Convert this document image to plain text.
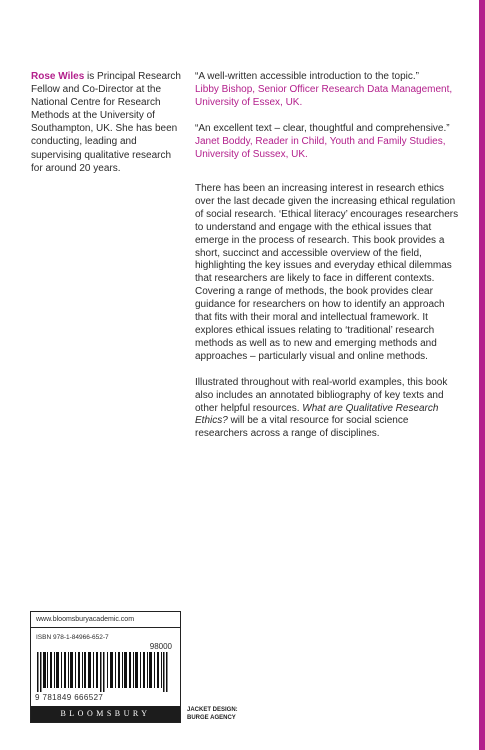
Rose Wiles is Principal Research Fellow and Co-Director at the National Centre for Research Methods at the University of Southampton, UK. She has been conducting, leading and supervising qualitative research for around 20 years.

“A well-written accessible introduction to the topic.”
Libby Bishop, Senior Officer Research Data Management, University of Essex, UK.

“An excellent text – clear, thoughtful and comprehensive.” Janet Boddy, Reader in Child, Youth and Family Studies, University of Sussex, UK.

There has been an increasing interest in research ethics over the last decade given the increasing ethical regulation of social research. ‘Ethical literacy’ encourages researchers to understand and engage with the ethical issues that emerge in the process of research. This book provides a short, succinct and accessible overview of the field, highlighting the key issues and everyday ethical dilemmas that researchers are likely to face in different contexts. Covering a range of methods, the book provides clear guidance for researchers on how to identify an approach that fits with their moral and intellectual framework. It explores ethical issues relating to ‘traditional’ research methods as well as to new and emerging methods and approaches – particularly visual and online methods.

Illustrated throughout with real-world examples, this book also includes an annotated bibliography of key texts and other helpful resources. What are Qualitative Research Ethics? will be a vital resource for social science researchers across a range of disciplines.

www.bloomsburyacademic.com
ISBN 978-1-84966-652-7
98000
9 781849 666527
BLOOMSBURY	JACKET DESIGN:
BURGE AGENCY
